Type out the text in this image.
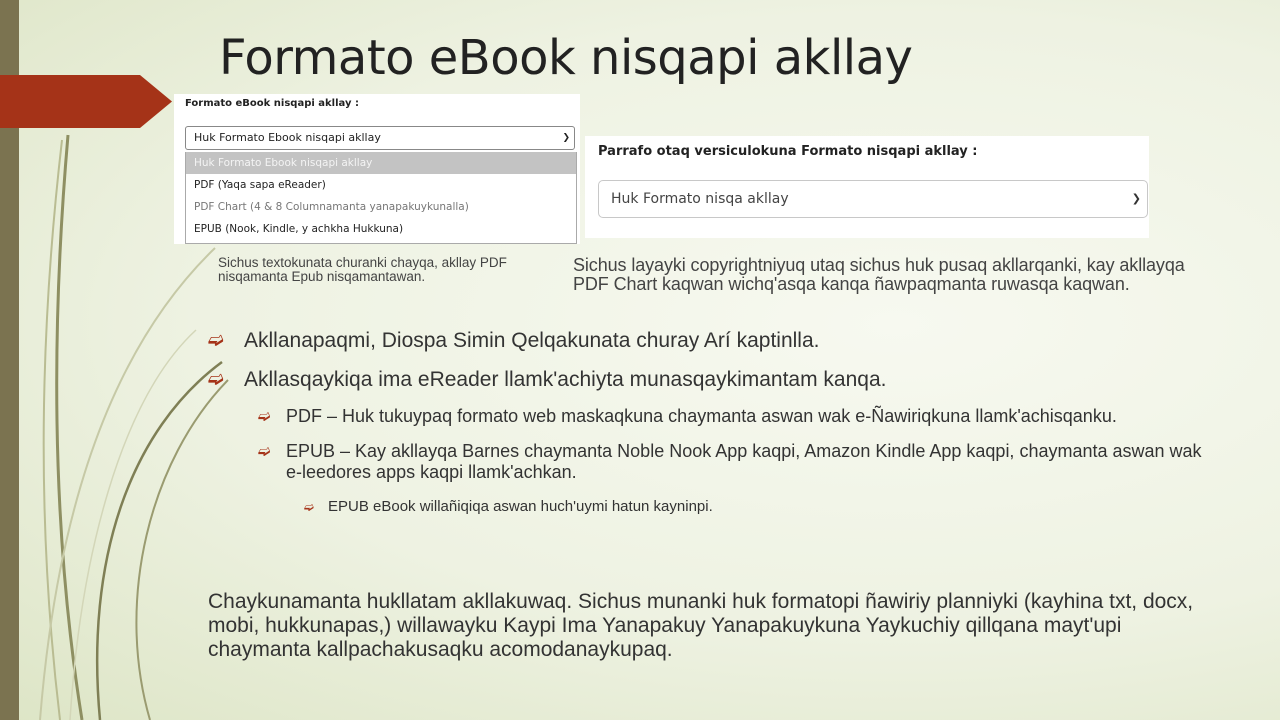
Formato eBook nisqapi akllay
Formato eBook nisqapi akllay :
Huk Formato Ebook nisqapi akllay	❯
Huk Formato Ebook nisqapi akllay
PDF (Yaqa sapa eReader)
PDF Chart (4 & 8 Columnamanta yanapakuykunalla)
EPUB (Nook, Kindle, y achkha Hukkuna)
Parrafo otaq versiculokuna Formato nisqapi akllay :
Huk Formato nisqa akllay	❯
Sichus textokunata churanki chayqa, akllay PDF nisqamanta Epub nisqamantawan.
Sichus layayki copyrightniyuq utaq sichus huk pusaq akllarqanki, kay akllayqa PDF Chart kaqwan wichq'asqa kanqa ñawpaqmanta ruwasqa kaqwan.
➫ Akllanapaqmi, Diospa Simin Qelqakunata churay Arí kaptinlla.
➫ Akllasqaykiqa ima eReader llamk'achiyta munasqaykimantam kanqa.
➫ PDF – Huk tukuypaq formato web maskaqkuna chaymanta aswan wak e-Ñawiriqkuna llamk'achisqanku.
➫ EPUB – Kay akllayqa Barnes chaymanta Noble Nook App kaqpi, Amazon Kindle App kaqpi, chaymanta aswan wak e-leedores apps kaqpi llamk'achkan.
➫ EPUB eBook willañiqiqa aswan huch'uymi hatun kayninpi.
Chaykunamanta hukllatam akllakuwaq. Sichus munanki huk formatopi ñawiriy planniyki (kayhina txt, docx, mobi, hukkunapas,) willawayku Kaypi Ima Yanapakuy Yanapakuykuna Yaykuchiy qillqana mayt'upi chaymanta kallpachakusaqku acomodanaykupaq.
